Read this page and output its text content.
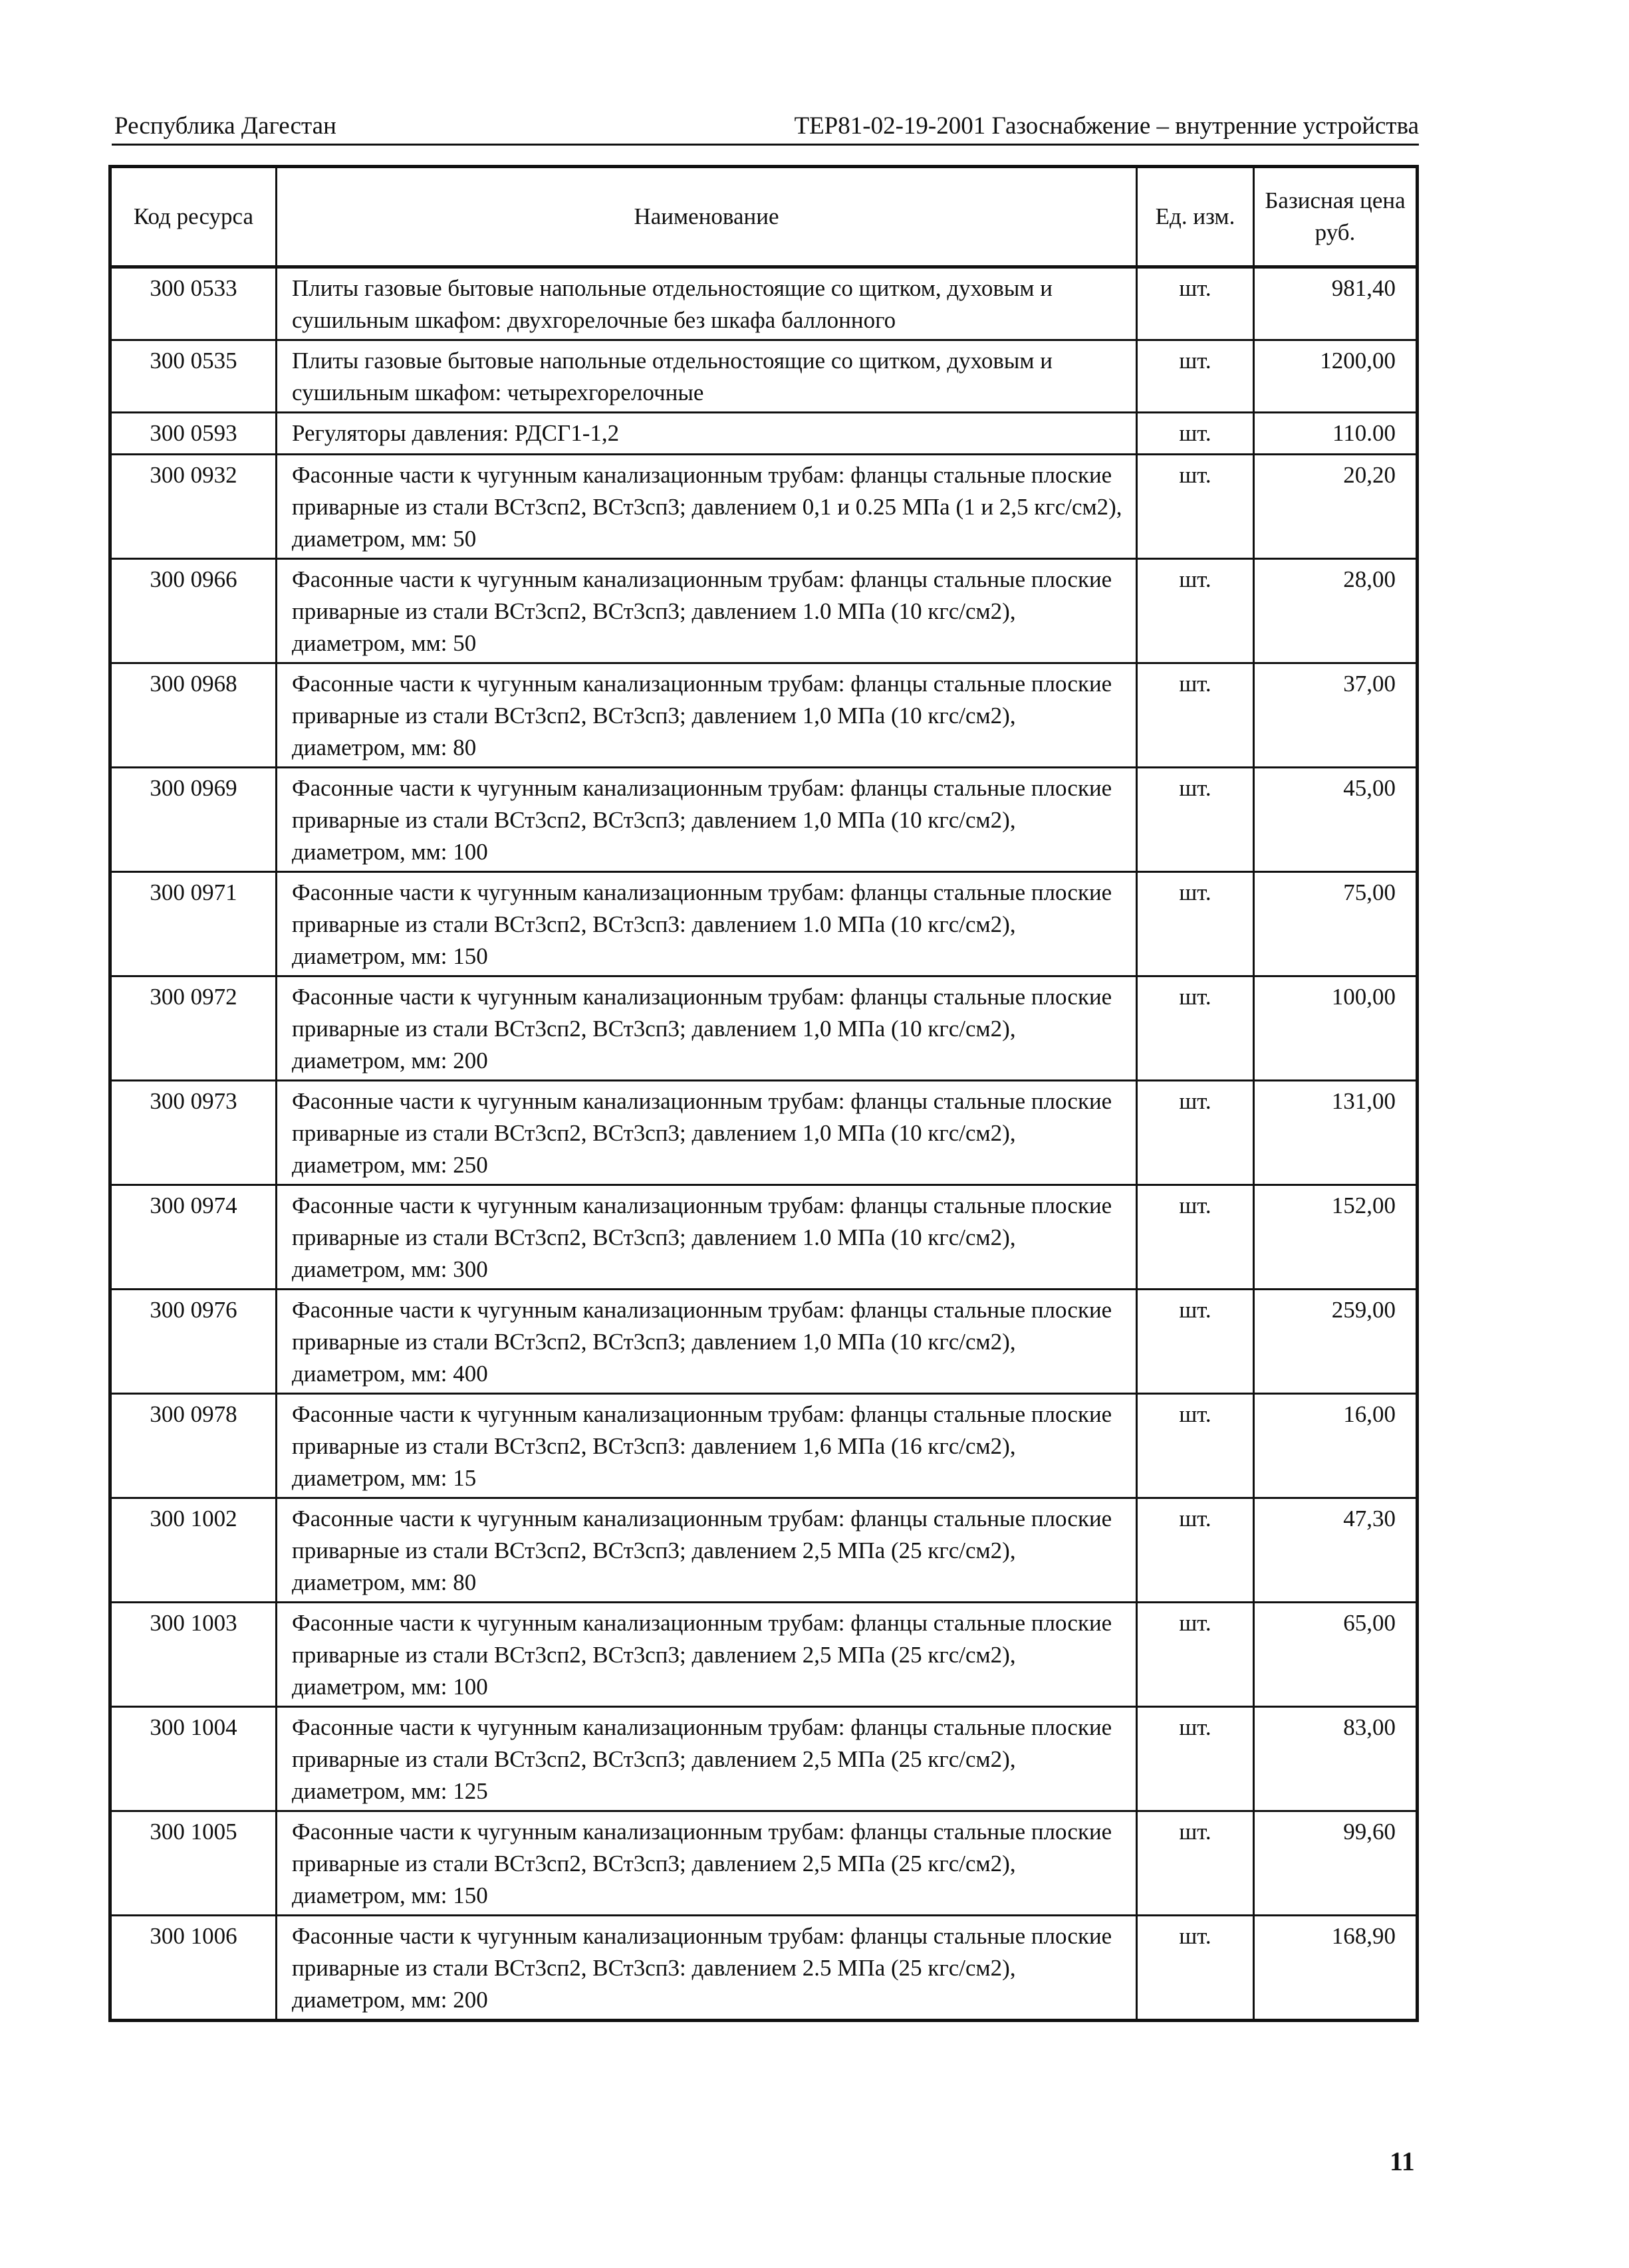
Республика Дагестан	ТЕР81-02-19-2001 Газоснабжение – внутренние устройства
Код ресурса	Наименование	Ед. изм.	Базисная цена руб.
300 0533	Плиты газовые бытовые напольные отдельностоящие со щитком, духовым и сушильным шкафом: двухгорелочные без шкафа баллонного	шт.	981,40
300 0535	Плиты газовые бытовые напольные отдельностоящие со щитком, духовым и сушильным шкафом: четырехгорелочные	шт.	1200,00
300 0593	Регуляторы давления: РДСГ1-1,2	шт.	110.00
300 0932	Фасонные части к чугунным канализационным трубам: фланцы стальные плоские приварные из стали ВСт3сп2, ВСт3сп3; давлением 0,1 и 0.25 МПа (1 и 2,5 кгс/см2), диаметром, мм: 50	шт.	20,20
300 0966	Фасонные части к чугунным канализационным трубам: фланцы стальные плоские приварные из стали ВСт3сп2, ВСт3сп3; давлением 1.0 МПа (10 кгс/см2), диаметром, мм: 50	шт.	28,00
300 0968	Фасонные части к чугунным канализационным трубам: фланцы стальные плоские приварные из стали ВСт3сп2, ВСт3сп3; давлением 1,0 МПа (10 кгс/см2), диаметром, мм: 80	шт.	37,00
300 0969	Фасонные части к чугунным канализационным трубам: фланцы стальные плоские приварные из стали ВСт3сп2, ВСт3сп3; давлением 1,0 МПа (10 кгс/см2), диаметром, мм: 100	шт.	45,00
300 0971	Фасонные части к чугунным канализационным трубам: фланцы стальные плоские приварные из стали ВСт3сп2, ВСт3сп3: давлением 1.0 МПа (10 кгс/см2), диаметром, мм: 150	шт.	75,00
300 0972	Фасонные части к чугунным канализационным трубам: фланцы стальные плоские приварные из стали ВСт3сп2, ВСт3сп3; давлением 1,0 МПа (10 кгс/см2), диаметром, мм: 200	шт.	100,00
300 0973	Фасонные части к чугунным канализационным трубам: фланцы стальные плоские приварные из стали ВСт3сп2, ВСт3сп3; давлением 1,0 МПа (10 кгс/см2), диаметром, мм: 250	шт.	131,00
300 0974	Фасонные части к чугунным канализационным трубам: фланцы стальные плоские приварные из стали ВСт3сп2, ВСт3сп3; давлением 1.0 МПа (10 кгс/см2), диаметром, мм: 300	шт.	152,00
300 0976	Фасонные части к чугунным канализационным трубам: фланцы стальные плоские приварные из стали ВСт3сп2, ВСт3сп3; давлением 1,0 МПа (10 кгс/см2), диаметром, мм: 400	шт.	259,00
300 0978	Фасонные части к чугунным канализационным трубам: фланцы стальные плоские приварные из стали ВСт3сп2, ВСт3сп3: давлением 1,6 МПа (16 кгс/см2), диаметром, мм: 15	шт.	16,00
300 1002	Фасонные части к чугунным канализационным трубам: фланцы стальные плоские приварные из стали ВСт3сп2, ВСт3сп3; давлением 2,5 МПа (25 кгс/см2), диаметром, мм: 80	шт.	47,30
300 1003	Фасонные части к чугунным канализационным трубам: фланцы стальные плоские приварные из стали ВСт3сп2, ВСт3сп3; давлением 2,5 МПа (25 кгс/см2), диаметром, мм: 100	шт.	65,00
300 1004	Фасонные части к чугунным канализационным трубам: фланцы стальные плоские приварные из стали ВСт3сп2, ВСт3сп3; давлением 2,5 МПа (25 кгс/см2), диаметром, мм: 125	шт.	83,00
300 1005	Фасонные части к чугунным канализационным трубам: фланцы стальные плоские приварные из стали ВСт3сп2, ВСт3сп3; давлением 2,5 МПа (25 кгс/см2), диаметром, мм: 150	шт.	99,60
300 1006	Фасонные части к чугунным канализационным трубам: фланцы стальные плоские приварные из стали ВСт3сп2, ВСт3сп3: давлением 2.5 МПа (25 кгс/см2), диаметром, мм: 200	шт.	168,90
11
